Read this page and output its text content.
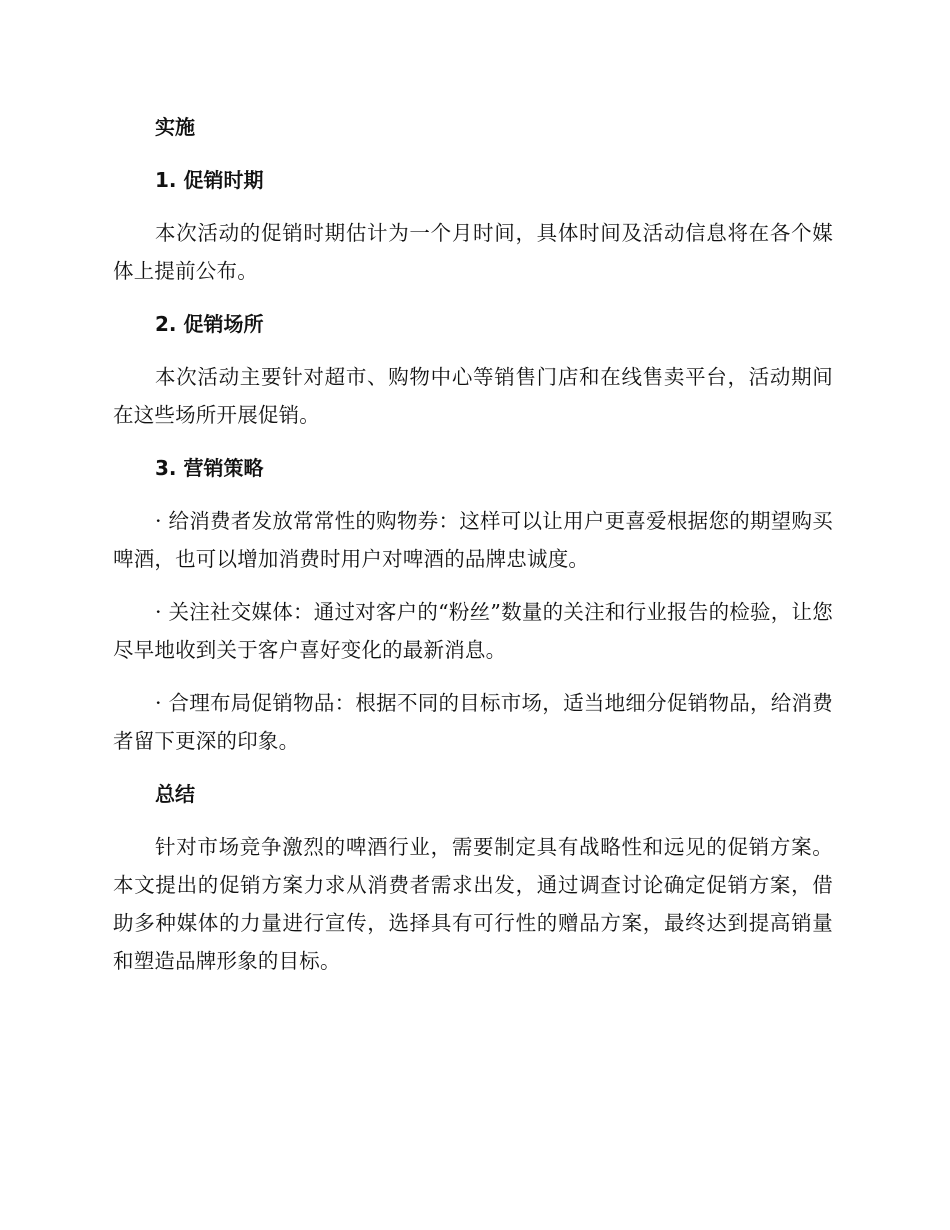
实施

1. 促销时期

本次活动的促销时期估计为一个月时间，具体时间及活动信息将在各个媒体上提前公布。

2. 促销场所

本次活动主要针对超市、购物中心等销售门店和在线售卖平台，活动期间在这些场所开展促销。

3. 营销策略

· 给消费者发放常常性的购物券：这样可以让用户更喜爱根据您的期望购买啤酒，也可以增加消费时用户对啤酒的品牌忠诚度。

· 关注社交媒体：通过对客户的“粉丝”数量的关注和行业报告的检验，让您尽早地收到关于客户喜好变化的最新消息。

· 合理布局促销物品：根据不同的目标市场，适当地细分促销物品，给消费者留下更深的印象。

总结

针对市场竞争激烈的啤酒行业，需要制定具有战略性和远见的促销方案。本文提出的促销方案力求从消费者需求出发，通过调查讨论确定促销方案，借助多种媒体的力量进行宣传，选择具有可行性的赠品方案，最终达到提高销量和塑造品牌形象的目标。
